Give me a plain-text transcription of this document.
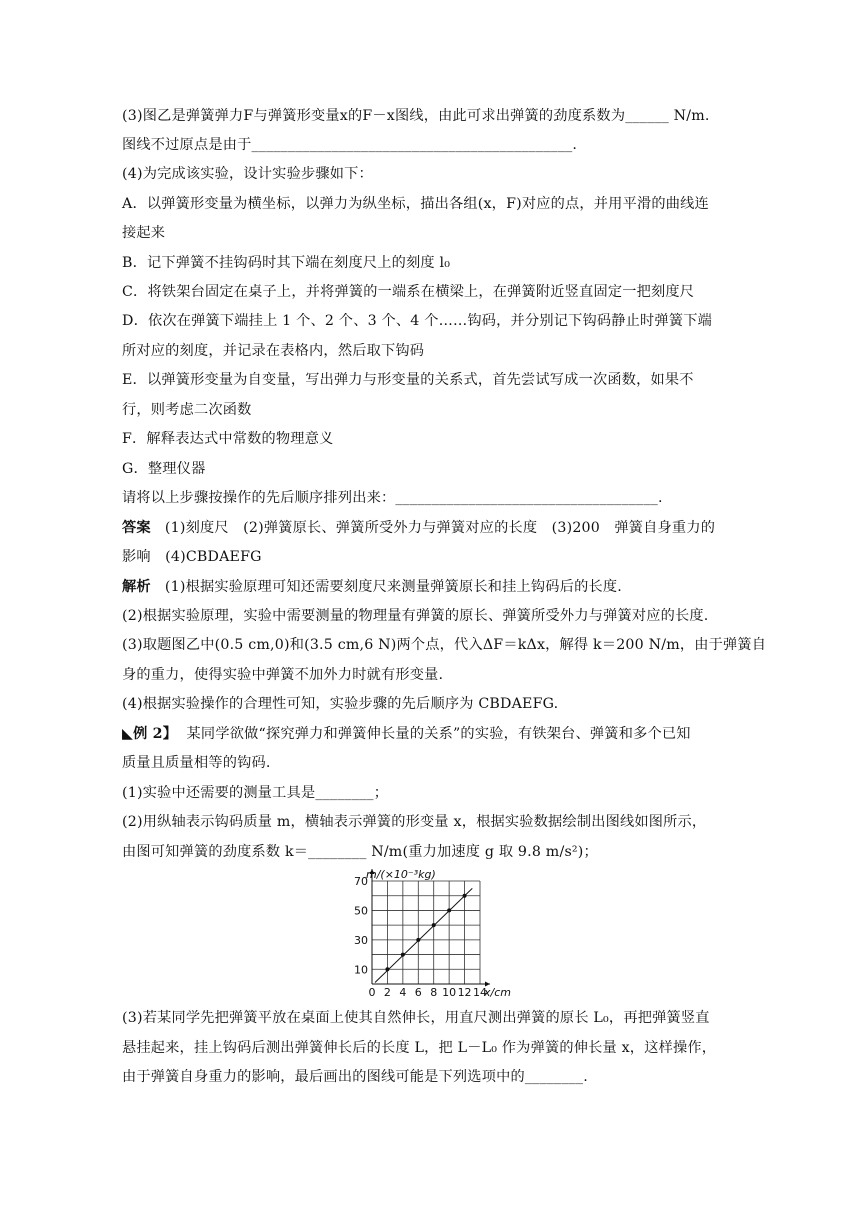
(3)图乙是弹簧弹力F与弹簧形变量x的F－x图线，由此可求出弹簧的劲度系数为______ N/m.
图线不过原点是由于____________________________________________.
(4)为完成该实验，设计实验步骤如下：
A．以弹簧形变量为横坐标，以弹力为纵坐标，描出各组(x，F)对应的点，并用平滑的曲线连
接起来
B．记下弹簧不挂钩码时其下端在刻度尺上的刻度 l₀
C．将铁架台固定在桌子上，并将弹簧的一端系在横梁上，在弹簧附近竖直固定一把刻度尺
D．依次在弹簧下端挂上 1 个、2 个、3 个、4 个……钩码，并分别记下钩码静止时弹簧下端
所对应的刻度，并记录在表格内，然后取下钩码
E．以弹簧形变量为自变量，写出弹力与形变量的关系式，首先尝试写成一次函数，如果不
行，则考虑二次函数
F．解释表达式中常数的物理意义
G．整理仪器
请将以上步骤按操作的先后顺序排列出来：____________________________________.
答案 (1)刻度尺　(2)弹簧原长、弹簧所受外力与弹簧对应的长度　(3)200　弹簧自身重力的
影响　(4)CBDAEFG
解析 (1)根据实验原理可知还需要刻度尺来测量弹簧原长和挂上钩码后的长度.
(2)根据实验原理，实验中需要测量的物理量有弹簧的原长、弹簧所受外力与弹簧对应的长度.
(3)取题图乙中(0.5 cm,0)和(3.5 cm,6 N)两个点，代入ΔF＝kΔx，解得 k＝200 N/m，由于弹簧自
身的重力，使得实验中弹簧不加外力时就有形变量.
(4)根据实验操作的合理性可知，实验步骤的先后顺序为 CBDAEFG.
◣例 2】 某同学欲做“探究弹力和弹簧伸长量的关系”的实验，有铁架台、弹簧和多个已知
质量且质量相等的钩码.
(1)实验中还需要的测量工具是________；
(2)用纵轴表示钩码质量 m，横轴表示弹簧的形变量 x，根据实验数据绘制出图线如图所示，
由图可知弹簧的劲度系数 k＝________ N/m(重力加速度 g 取 9.8 m/s²)；
0 2 4 6 8 10 12 14
10
30
50
70
x/cm
m/(×10⁻³kg)
(3)若某同学先把弹簧平放在桌面上使其自然伸长，用直尺测出弹簧的原长 L₀，再把弹簧竖直
悬挂起来，挂上钩码后测出弹簧伸长后的长度 L，把 L－L₀ 作为弹簧的伸长量 x，这样操作，
由于弹簧自身重力的影响，最后画出的图线可能是下列选项中的________.
